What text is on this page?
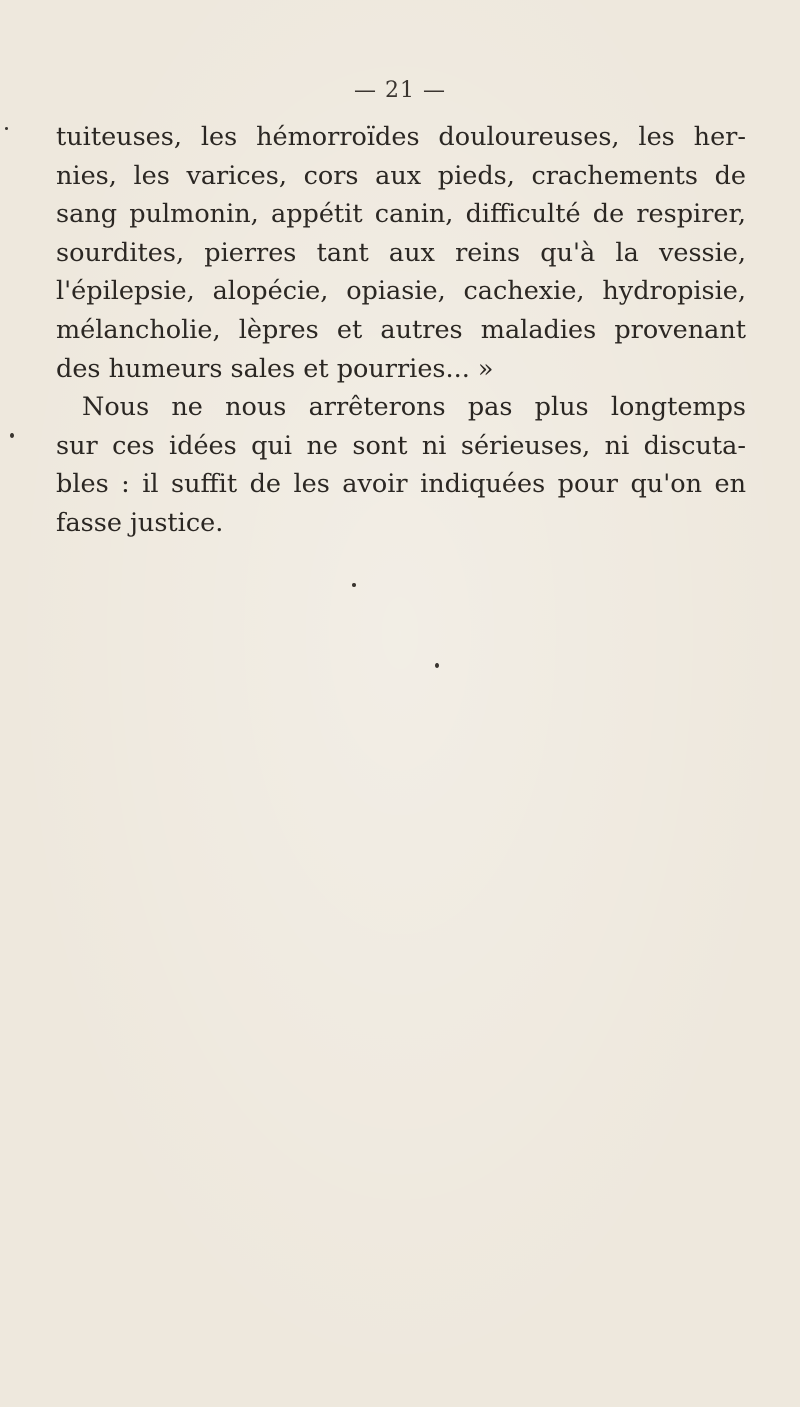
— 21 —
tuiteuses, les hémorroïdes douloureuses, les her-
nies, les varices, cors aux pieds, crachements de
sang pulmonin, appétit canin, difficulté de respirer,
sourdites, pierres tant aux reins qu'à la vessie,
l'épilepsie, alopécie, opiasie, cachexie, hydropisie,
mélancholie, lèpres et autres maladies provenant
des humeurs sales et pourries... »
Nous ne nous arrêterons pas plus longtemps
sur ces idées qui ne sont ni sérieuses, ni discuta-
bles : il suffit de les avoir indiquées pour qu'on en
fasse justice.
